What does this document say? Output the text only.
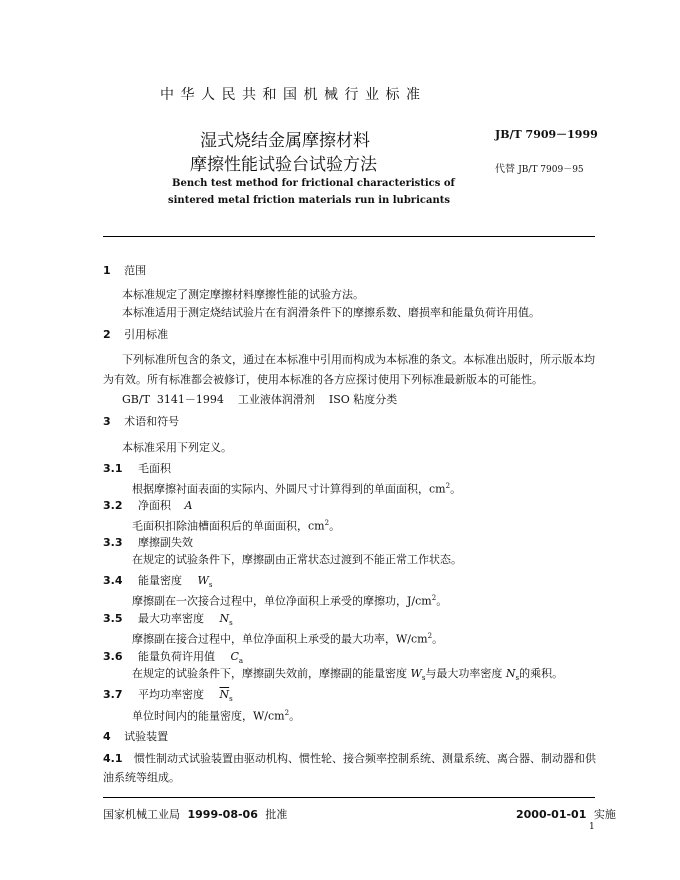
中华人民共和国机械行业标准
湿式烧结金属摩擦材料
摩擦性能试验台试验方法
Bench test method for frictional characteristics of
sintered metal friction materials run in lubricants
JB/T 7909－1999
代替 JB/T 7909－95
1 范围
本标准规定了测定摩擦材料摩擦性能的试验方法。
本标准适用于测定烧结试验片在有润滑条件下的摩擦系数、磨损率和能量负荷许用值。
2 引用标准
下列标准所包含的条文，通过在本标准中引用而构成为本标准的条文。本标准出版时，所示版本均
为有效。所有标准都会被修订，使用本标准的各方应探讨使用下列标准最新版本的可能性。
GB/T  3141－1994    工业液体润滑剂    ISO 粘度分类
3 术语和符号
本标准采用下列定义。
3.1 毛面积
根据摩擦衬面表面的实际内、外圆尺寸计算得到的单面面积，$cm^2$。
3.2 净面积 A
毛面积扣除油槽面积后的单面面积，$cm^2$。
3.3 摩擦副失效
在规定的试验条件下，摩擦副由正常状态过渡到不能正常工作状态。
3.4 能量密度 $W_s$
摩擦副在一次接合过程中，单位净面积上承受的摩擦功，$J/cm^2$。
3.5 最大功率密度 $N_s$
摩擦副在接合过程中，单位净面积上承受的最大功率，$W/cm^2$。
3.6 能量负荷许用值 $C_a$
在规定的试验条件下，摩擦副失效前，摩擦副的能量密度 $W_s$与最大功率密度 $N_s$的乘积。
3.7 平均功率密度 $\overline{N}_s$
单位时间内的能量密度，$W/cm^2$。
4 试验装置
4.1 惯性制动式试验装置由驱动机构、惯性轮、接合频率控制系统、测量系统、离合器、制动器和供
油系统等组成。
国家机械工业局 1999-08-06 批准	2000-01-01 实施
1
